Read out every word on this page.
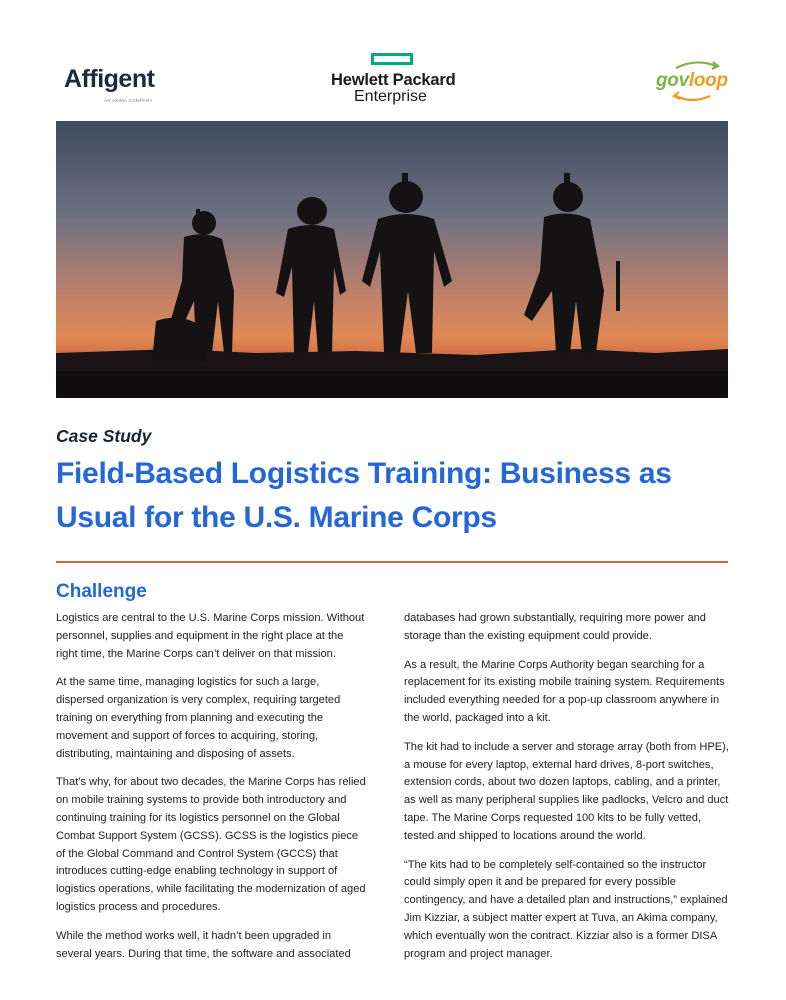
Affigent
AN AKIMA COMPANY
Hewlett Packard
Enterprise
govloop
Case Study
Field-Based Logistics Training: Business as Usual for the U.S. Marine Corps
Challenge

Logistics are central to the U.S. Marine Corps mission. Without personnel, supplies and equipment in the right place at the right time, the Marine Corps can’t deliver on that mission.

At the same time, managing logistics for such a large, dispersed organization is very complex, requiring targeted training on everything from planning and executing the movement and support of forces to acquiring, storing, distributing, maintaining and disposing of assets.

That’s why, for about two decades, the Marine Corps has relied on mobile training systems to provide both introductory and continuing training for its logistics personnel on the Global Combat Support System (GCSS). GCSS is the logistics piece of the Global Command and Control System (GCCS) that introduces cutting-edge enabling technology in support of logistics operations, while facilitating the modernization of aged logistics process and procedures.

While the method works well, it hadn’t been upgraded in several years. During that time, the software and associated

databases had grown substantially, requiring more power and storage than the existing equipment could provide.

As a result, the Marine Corps Authority began searching for a replacement for its existing mobile training system. Requirements included everything needed for a pop-up classroom anywhere in the world, packaged into a kit.

The kit had to include a server and storage array (both from HPE), a mouse for every laptop, external hard drives, 8-port switches, extension cords, about two dozen laptops, cabling, and a printer, as well as many peripheral supplies like padlocks, Velcro and duct tape. The Marine Corps requested 100 kits to be fully vetted, tested and shipped to locations around the world.

“The kits had to be completely self-contained so the instructor could simply open it and be prepared for every possible contingency, and have a detailed plan and instructions,” explained Jim Kizziar, a subject matter expert at Tuva, an Akima company, which eventually won the contract. Kizziar also is a former DISA program and project manager.
